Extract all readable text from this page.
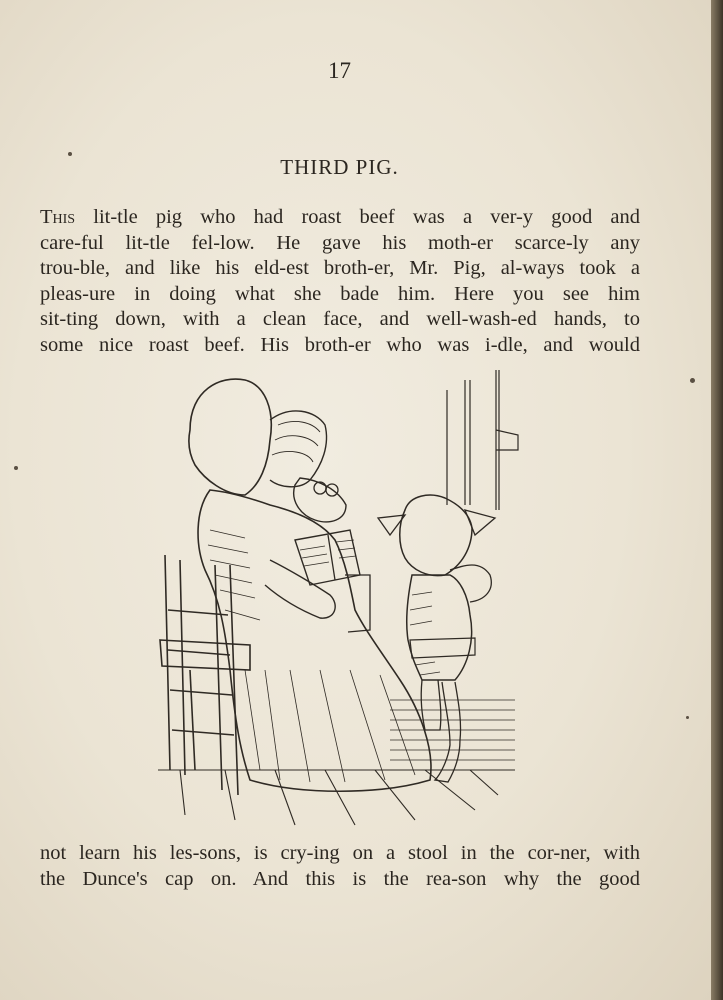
17
THIRD PIG.
This lit-tle pig who had roast beef was a ver-y good and
care-ful lit-tle fel-low. He gave his moth-er scarce-ly any
trou-ble, and like his eld-est broth-er, Mr. Pig, al-ways took a
pleas-ure in doing what she bade him. Here you see him
sit-ting down, with a clean face, and well-wash-ed hands, to
some nice roast beef. His broth-er who was i-dle, and would
not learn his les-sons, is cry-ing on a stool in the cor-ner, with
the Dunce's cap on. And this is the rea-son why the good
